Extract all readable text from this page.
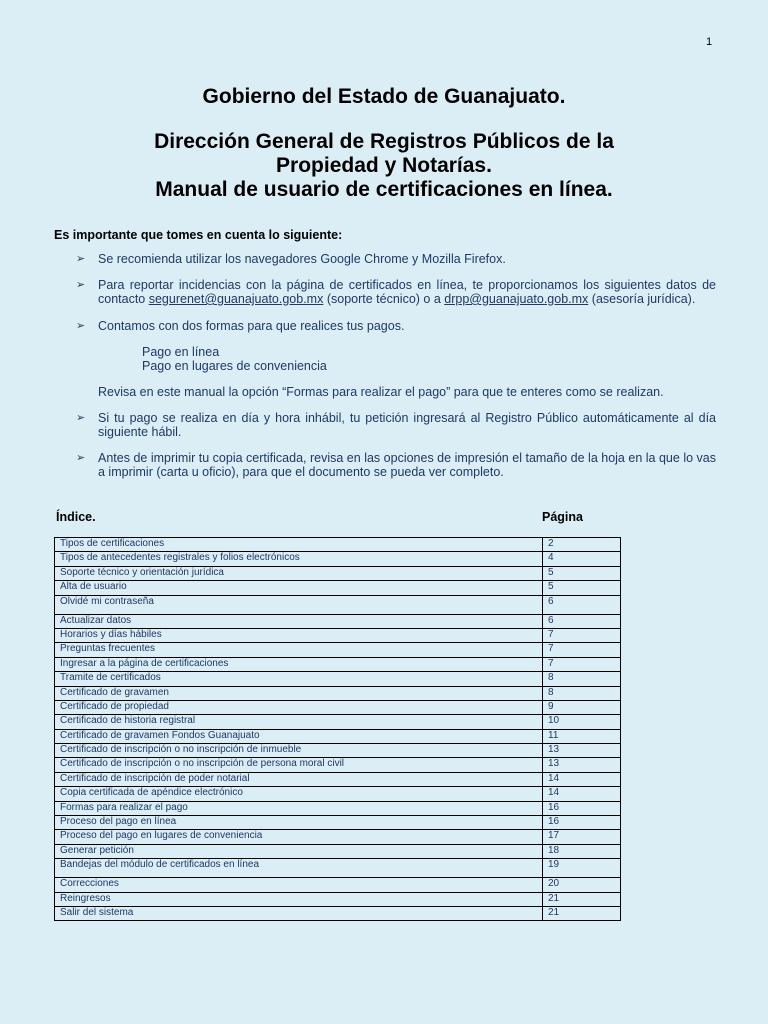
1

Gobierno del Estado de Guanajuato.

Dirección General de Registros Públicos de la
Propiedad y Notarías.
Manual de usuario de certificaciones en línea.
Es importante que tomes en cuenta lo siguiente:
➢ Se recomienda utilizar los navegadores Google Chrome y Mozilla Firefox.
➢ Para reportar incidencias con la página de certificados en línea, te proporcionamos los siguientes datos de contacto segurenet@guanajuato.gob.mx (soporte técnico) o a drpp@guanajuato.gob.mx (asesoría jurídica).
➢ Contamos con dos formas para que realices tus pagos.
Pago en línea
Pago en lugares de conveniencia
Revisa en este manual la opción “Formas para realizar el pago” para que te enteres como se realizan.
➢ Si tu pago se realiza en día y hora inhábil, tu petición ingresará al Registro Público automáticamente al día siguiente hábil.
➢ Antes de imprimir tu copia certificada, revisa en las opciones de impresión el tamaño de la hoja en la que lo vas a imprimir (carta u oficio), para que el documento se pueda ver completo.
Índice.	Página
Tipos de certificaciones	2
Tipos de antecedentes registrales y folios electrónicos	4
Soporte técnico y orientación jurídica	5
Alta de usuario	5
Olvidé mi contraseña	6
Actualizar datos	6
Horarios y días hábiles	7
Preguntas frecuentes	7
Ingresar a la página de certificaciones	7
Tramite de certificados	8
Certificado de gravamen	8
Certificado de propiedad	9
Certificado de historia registral	10
Certificado de gravamen Fondos Guanajuato	11
Certificado de inscripción o no inscripción de inmueble	13
Certificado de inscripción o no inscripción de persona moral civil	13
Certificado de inscripción de poder notarial	14
Copia certificada de apéndice electrónico	14
Formas para realizar el pago	16
Proceso del pago en línea	16
Proceso del pago en lugares de conveniencia	17
Generar petición	18
Bandejas del módulo de certificados en línea	19
Correcciones	20
Reingresos	21
Salir del sistema	21
